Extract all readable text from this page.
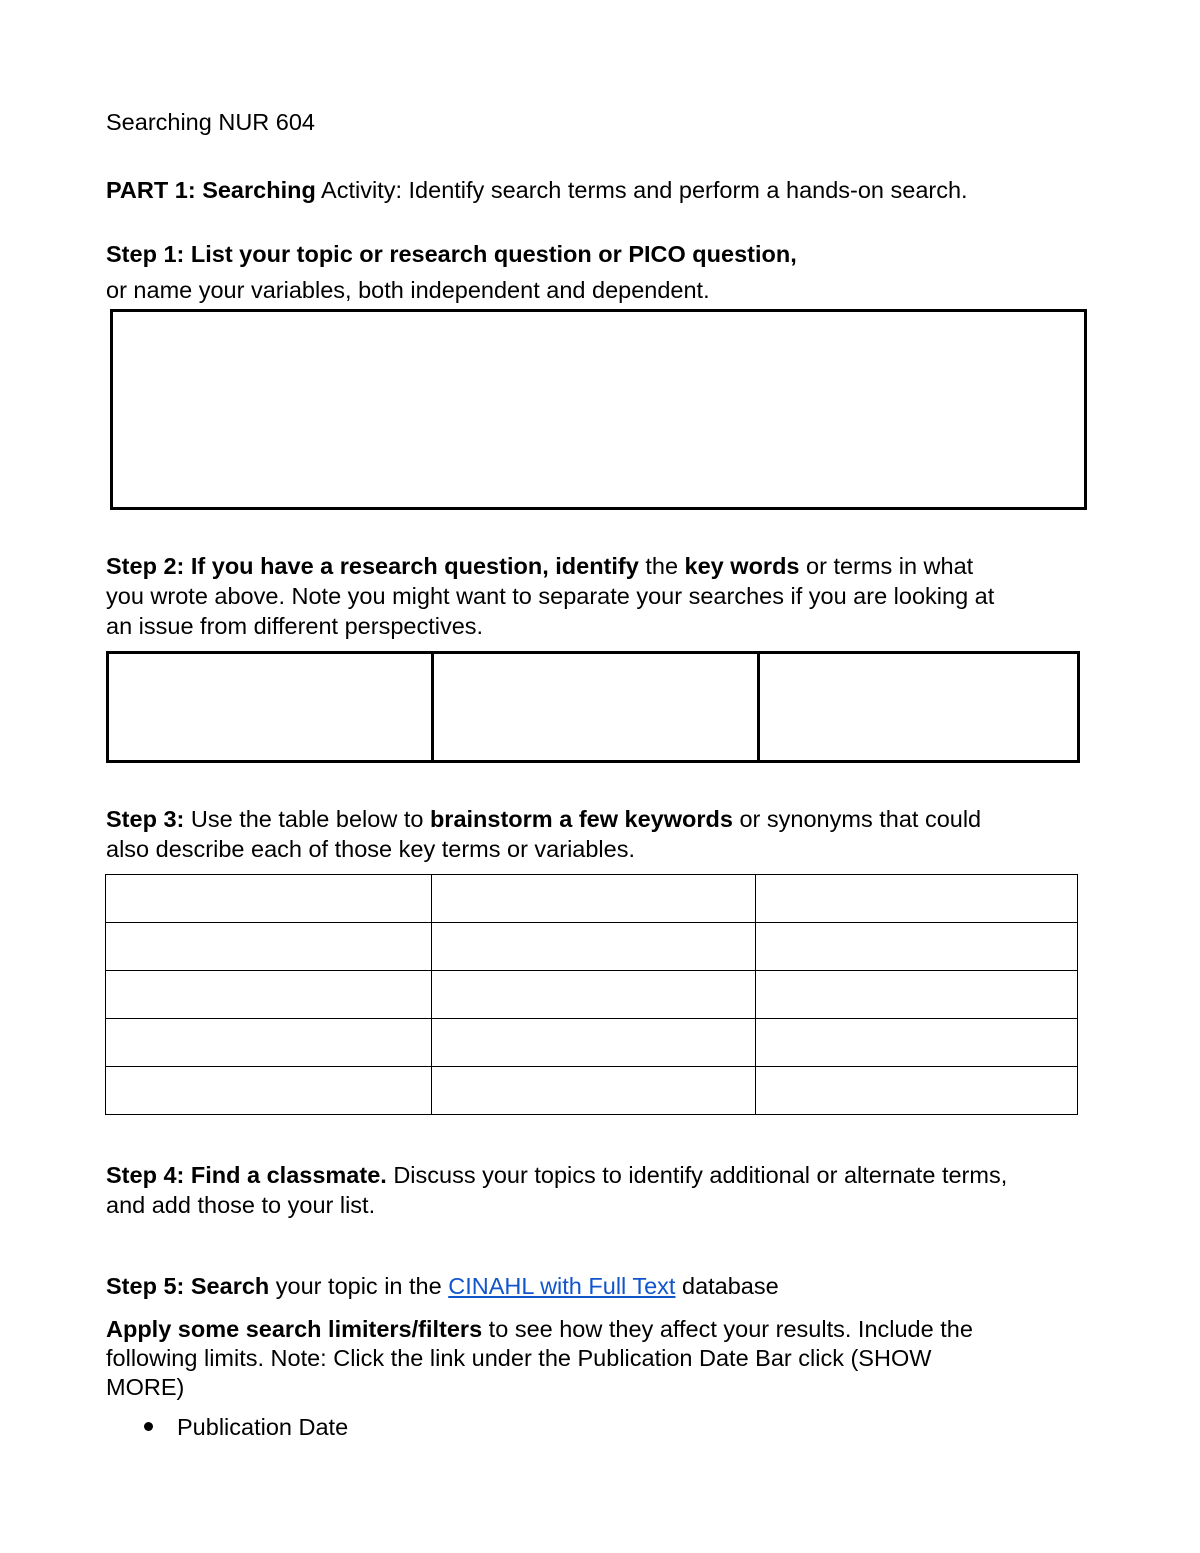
Searching NUR 604

PART 1: Searching Activity: Identify search terms and perform a hands-on search.

Step 1: List your topic or research question or PICO question,

or name your variables, both independent and dependent.

Step 2: If you have a research question, identify the key words or terms in what

you wrote above. Note you might want to separate your searches if you are looking at

an issue from different perspectives.

Step 3: Use the table below to brainstorm a few keywords or synonyms that could

also describe each of those key terms or variables.

Step 4: Find a classmate. Discuss your topics to identify additional or alternate terms,

and add those to your list.

Step 5: Search your topic in the CINAHL with Full Text database

Apply some search limiters/filters to see how they affect your results. Include the

following limits. Note: Click the link under the Publication Date Bar click (SHOW

MORE)

Publication Date
